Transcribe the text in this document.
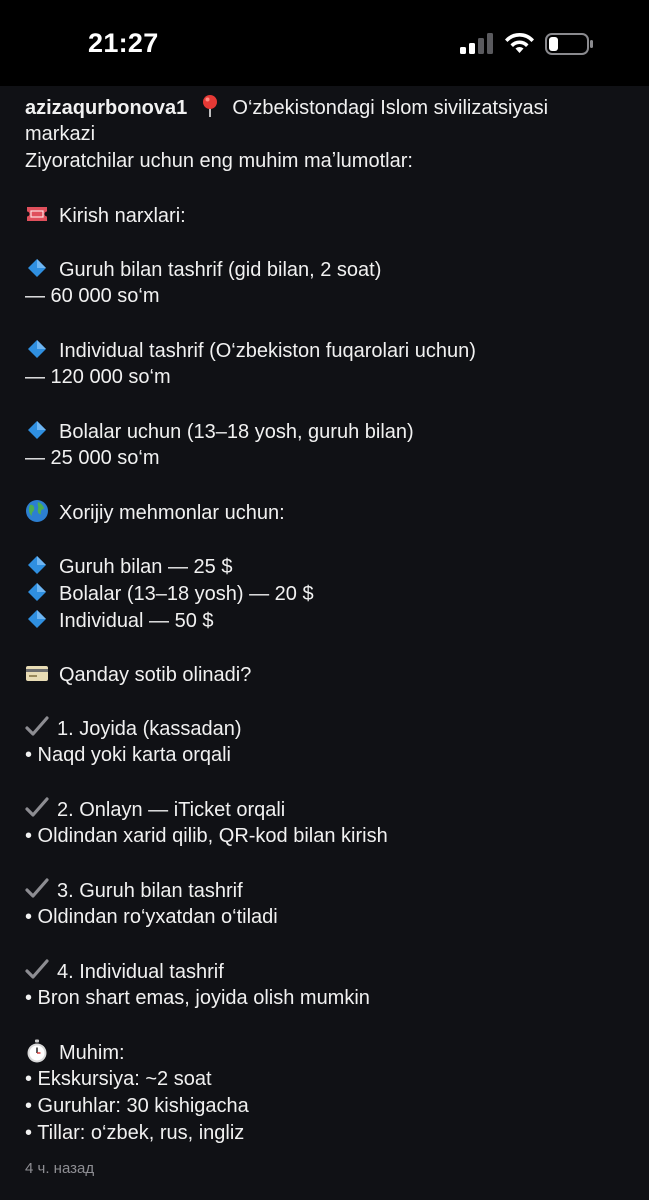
21:27
azizaqurbonova1 O‘zbekistondagi Islom sivilizatsiyasi
markazi
Ziyoratchilar uchun eng muhim maʼlumotlar:
Kirish narxlari:
Guruh bilan tashrif (gid bilan, 2 soat)
— 60 000 so‘m
Individual tashrif (O‘zbekiston fuqarolari uchun)
— 120 000 so‘m
Bolalar uchun (13–18 yosh, guruh bilan)
— 25 000 so‘m
Xorijiy mehmonlar uchun:
Guruh bilan — 25 $
Bolalar (13–18 yosh) — 20 $
Individual — 50 $
Qanday sotib olinadi?
1. Joyida (kassadan)
• Naqd yoki karta orqali
2. Onlayn — iTicket orqali
• Oldindan xarid qilib, QR-kod bilan kirish
3. Guruh bilan tashrif
• Oldindan ro‘yxatdan o‘tiladi
4. Individual tashrif
• Bron shart emas, joyida olish mumkin
Muhim:
• Ekskursiya: ~2 soat
• Guruhlar: 30 kishigacha
• Tillar: o‘zbek, rus, ingliz
4 ч. назад
